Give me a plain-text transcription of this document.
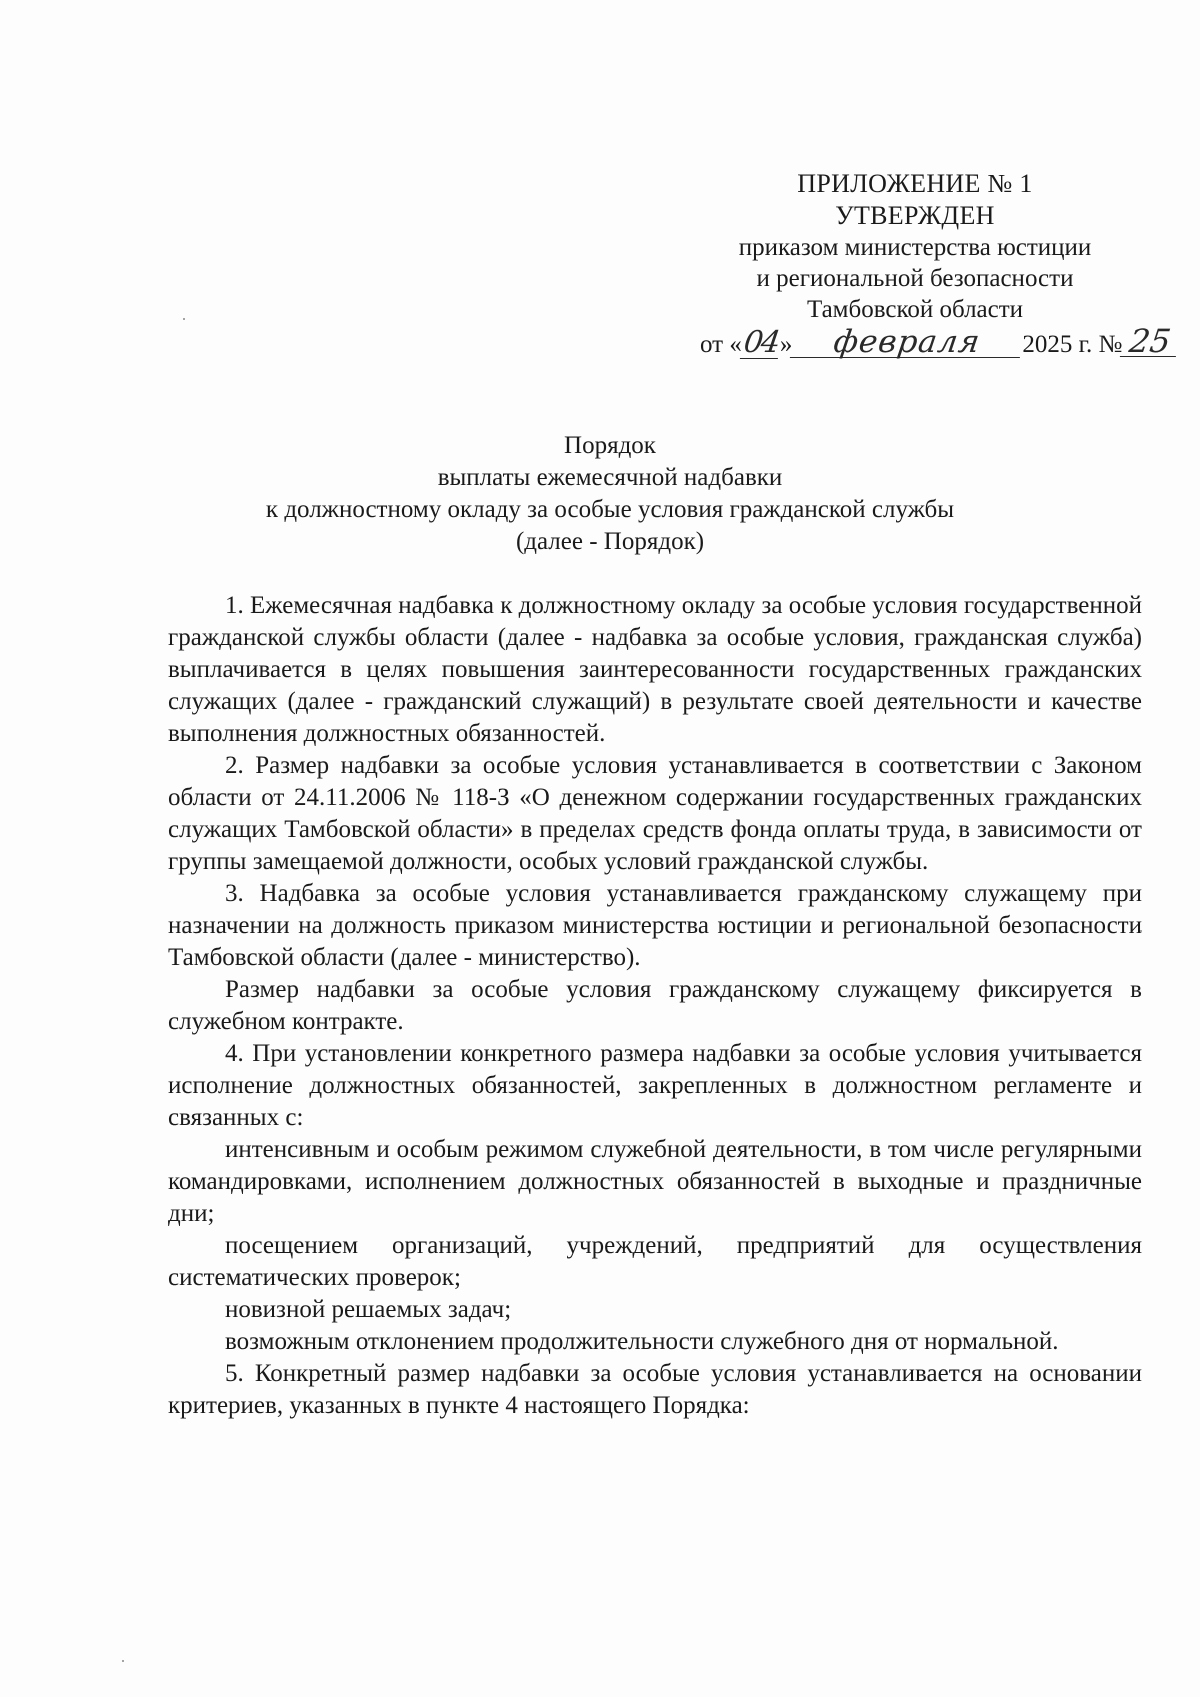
ПРИЛОЖЕНИЕ № 1
УТВЕРЖДЕН
приказом министерства юстиции
и региональной безопасности
Тамбовской области
от «04» февраля 2025 г. № 25
Порядок
выплаты ежемесячной надбавки
к должностному окладу за особые условия гражданской службы
(далее - Порядок)

1. Ежемесячная надбавка к должностному окладу за особые условия государственной гражданской службы области (далее - надбавка за особые условия, гражданская служба) выплачивается в целях повышения заинтересованности государственных гражданских служащих (далее - гражданский служащий) в результате своей деятельности и качестве выполнения должностных обязанностей.

2. Размер надбавки за особые условия устанавливается в соответствии с Законом области от 24.11.2006 № 118-З «О денежном содержании государственных гражданских служащих Тамбовской области» в пределах средств фонда оплаты труда, в зависимости от группы замещаемой должности, особых условий гражданской службы.

3. Надбавка за особые условия устанавливается гражданскому служащему при назначении на должность приказом министерства юстиции и региональной безопасности Тамбовской области (далее - министерство).

Размер надбавки за особые условия гражданскому служащему фиксируется в служебном контракте.

4. При установлении конкретного размера надбавки за особые условия учитывается исполнение должностных обязанностей, закрепленных в должностном регламенте и связанных с:

интенсивным и особым режимом служебной деятельности, в том числе регулярными командировками, исполнением должностных обязанностей в выходные и праздничные дни;

посещением организаций, учреждений, предприятий для осуществления систематических проверок;

новизной решаемых задач;

возможным отклонением продолжительности служебного дня от нормальной.

5. Конкретный размер надбавки за особые условия устанавливается на основании критериев, указанных в пункте 4 настоящего Порядка:
